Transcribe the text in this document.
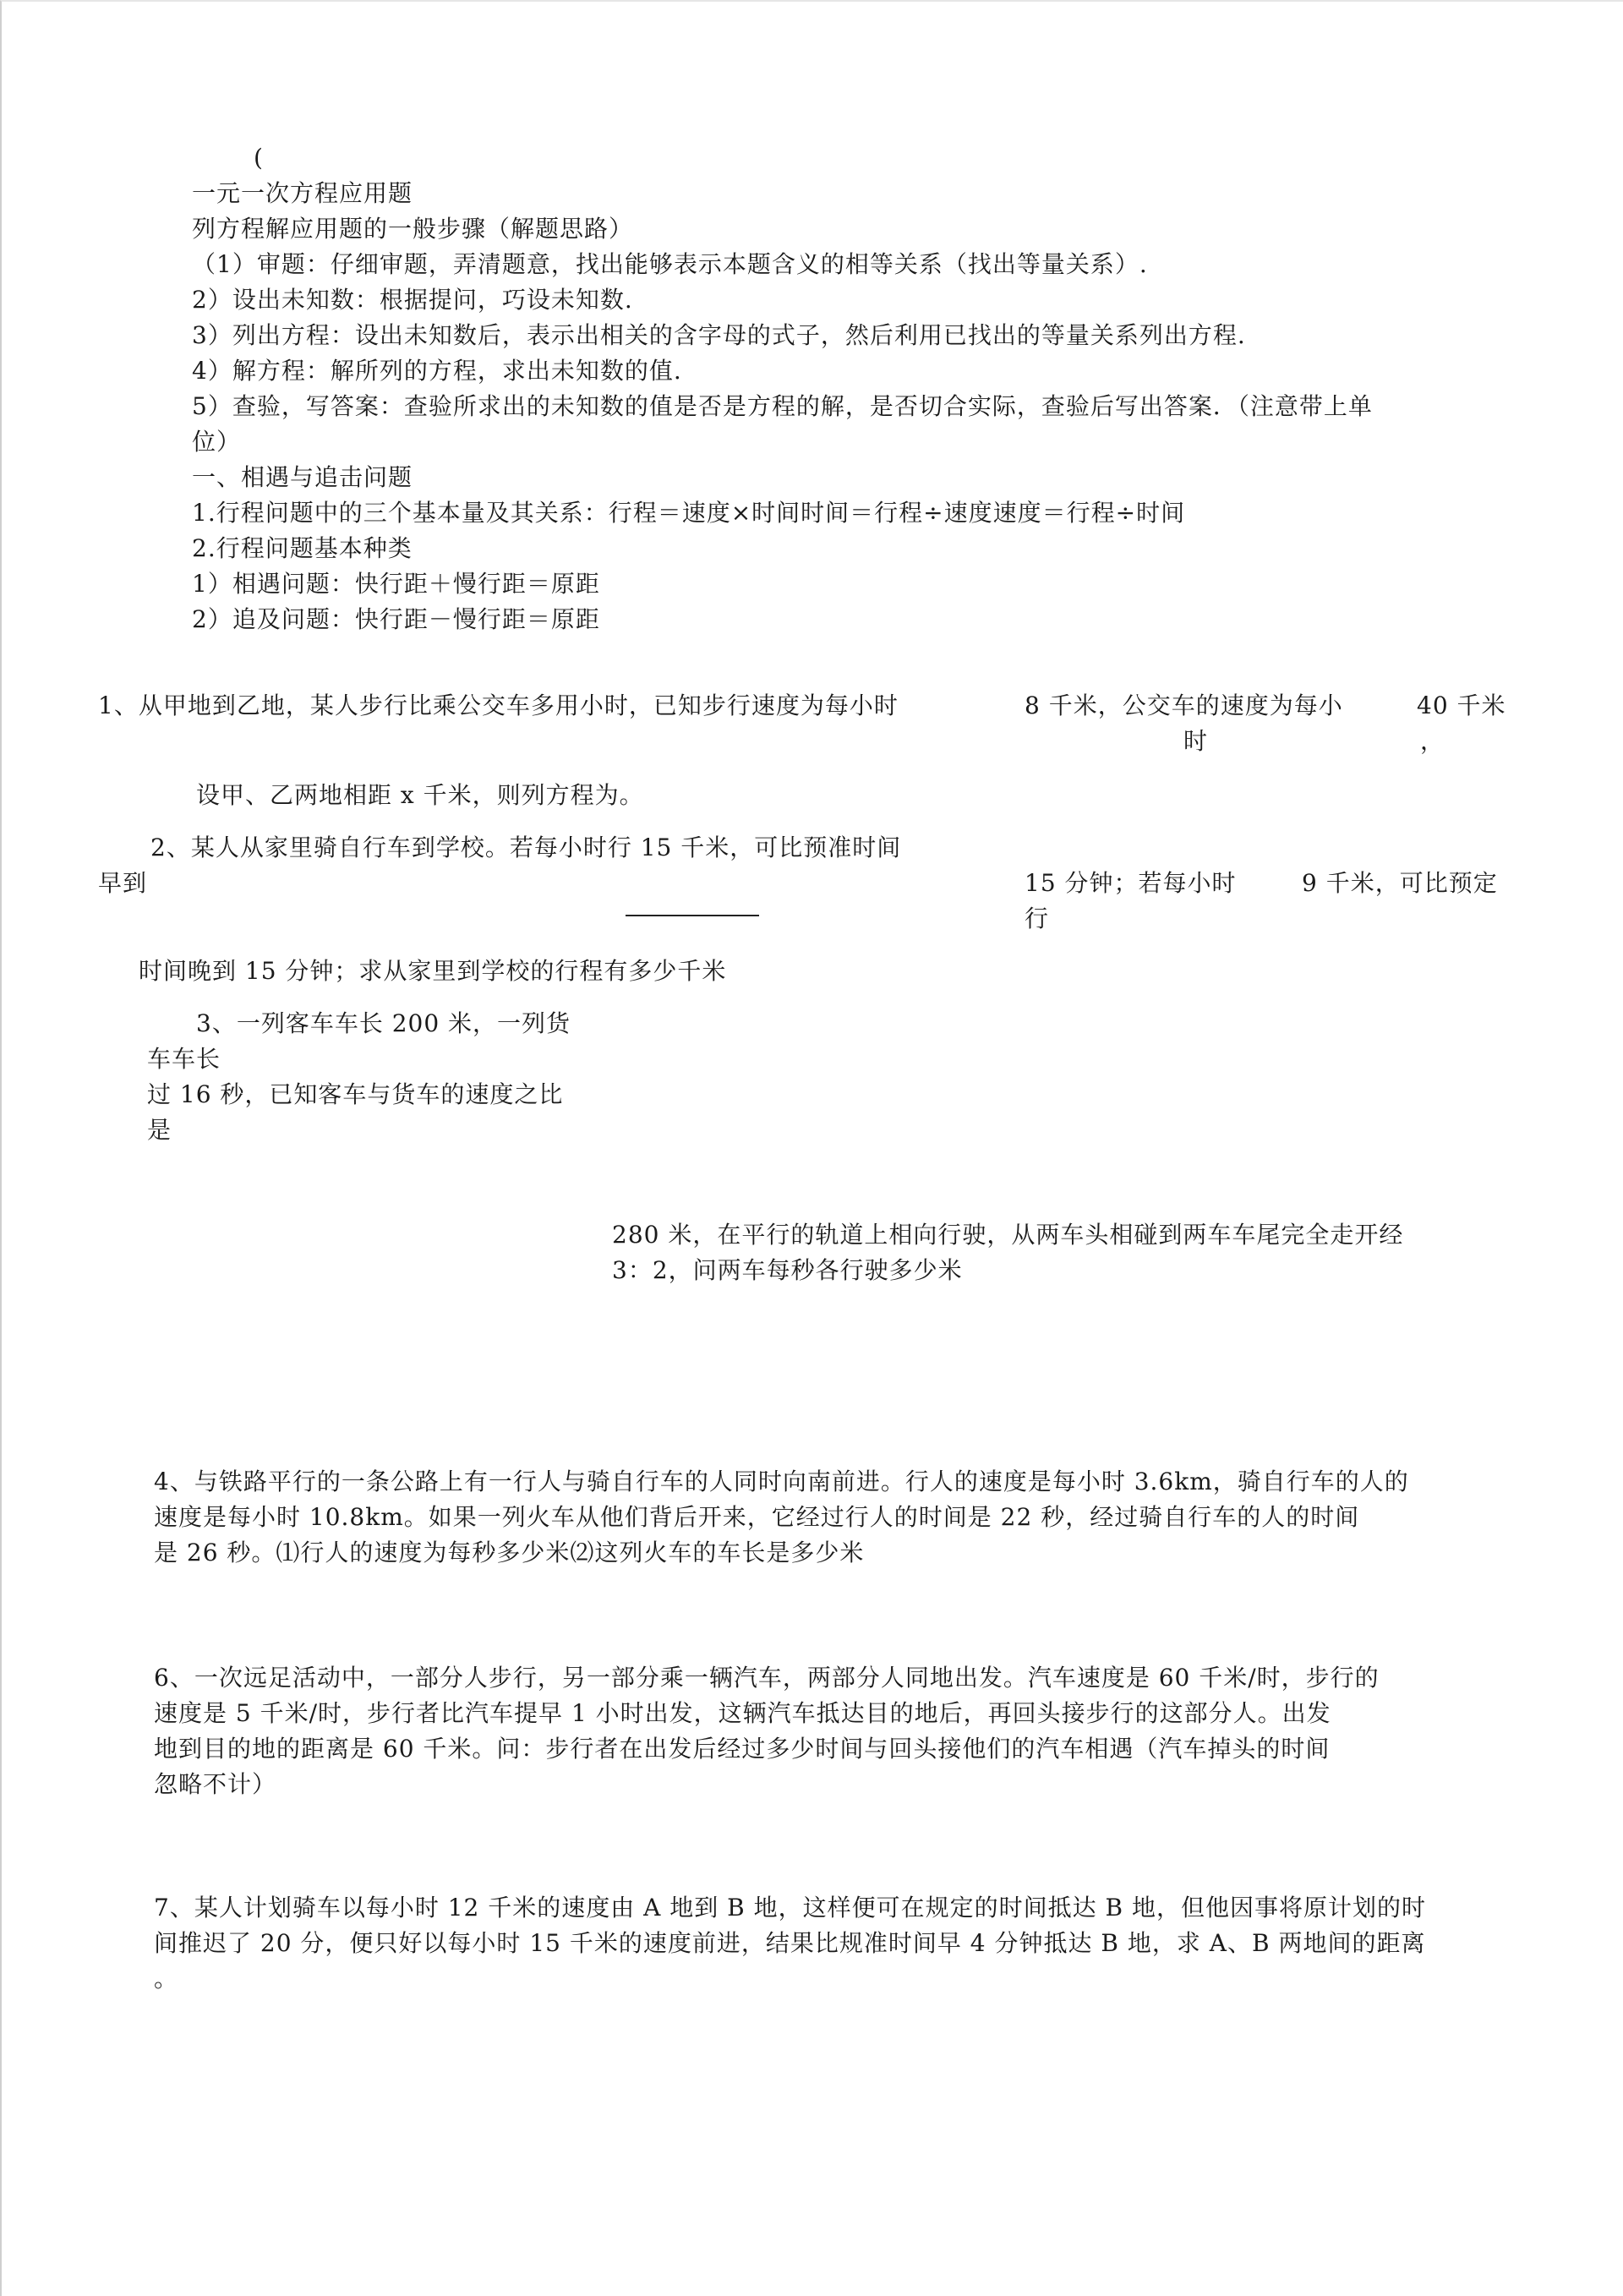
(
一元一次方程应用题
列方程解应用题的一般步骤（解题思路）
（1）审题：仔细审题，弄清题意，找出能够表示本题含义的相等关系（找出等量关系）.
2）设出未知数：根据提问，巧设未知数.
3）列出方程：设出未知数后，表示出相关的含字母的式子，然后利用已找出的等量关系列出方程.
4）解方程：解所列的方程，求出未知数的值.
5）查验，写答案：查验所求出的未知数的值是否是方程的解，是否切合实际，查验后写出答案．（注意带上单
位）
一、相遇与追击问题
1.行程问题中的三个基本量及其关系：行程＝速度×时间时间＝行程÷速度速度＝行程÷时间
2.行程问题基本种类
1）相遇问题：快行距＋慢行距＝原距
2）追及问题：快行距－慢行距＝原距
1、从甲地到乙地，某人步行比乘公交车多用小时，已知步行速度为每小时	8 千米，公交车的速度为每小
时
40 千米
，
设甲、乙两地相距 x 千米，则列方程为。
2、某人从家里骑自行车到学校。若每小时行 15 千米，可比预准时间
早到	15 分钟；若每小时
行
9 千米，可比预定
时间晚到 15 分钟；求从家里到学校的行程有多少千米
3、一列客车车长 200 米，一列货
车车长
过 16 秒，已知客车与货车的速度之比
是
280 米，在平行的轨道上相向行驶，从两车头相碰到两车车尾完全走开经
3：2，问两车每秒各行驶多少米
4、与铁路平行的一条公路上有一行人与骑自行车的人同时向南前进。行人的速度是每小时 3.6km，骑自行车的人的
速度是每小时 10.8km。如果一列火车从他们背后开来，它经过行人的时间是 22 秒，经过骑自行车的人的时间
是 26 秒。⑴行人的速度为每秒多少米⑵这列火车的车长是多少米
6、一次远足活动中，一部分人步行，另一部分乘一辆汽车，两部分人同地出发。汽车速度是 60 千米/时，步行的
速度是 5 千米/时，步行者比汽车提早 1 小时出发，这辆汽车抵达目的地后，再回头接步行的这部分人。出发
地到目的地的距离是 60 千米。问：步行者在出发后经过多少时间与回头接他们的汽车相遇（汽车掉头的时间
忽略不计）
7、某人计划骑车以每小时 12 千米的速度由 A 地到 B 地，这样便可在规定的时间抵达 B 地，但他因事将原计划的时
间推迟了 20 分，便只好以每小时 15 千米的速度前进，结果比规准时间早 4 分钟抵达 B 地，求 A、B 两地间的距离
。
